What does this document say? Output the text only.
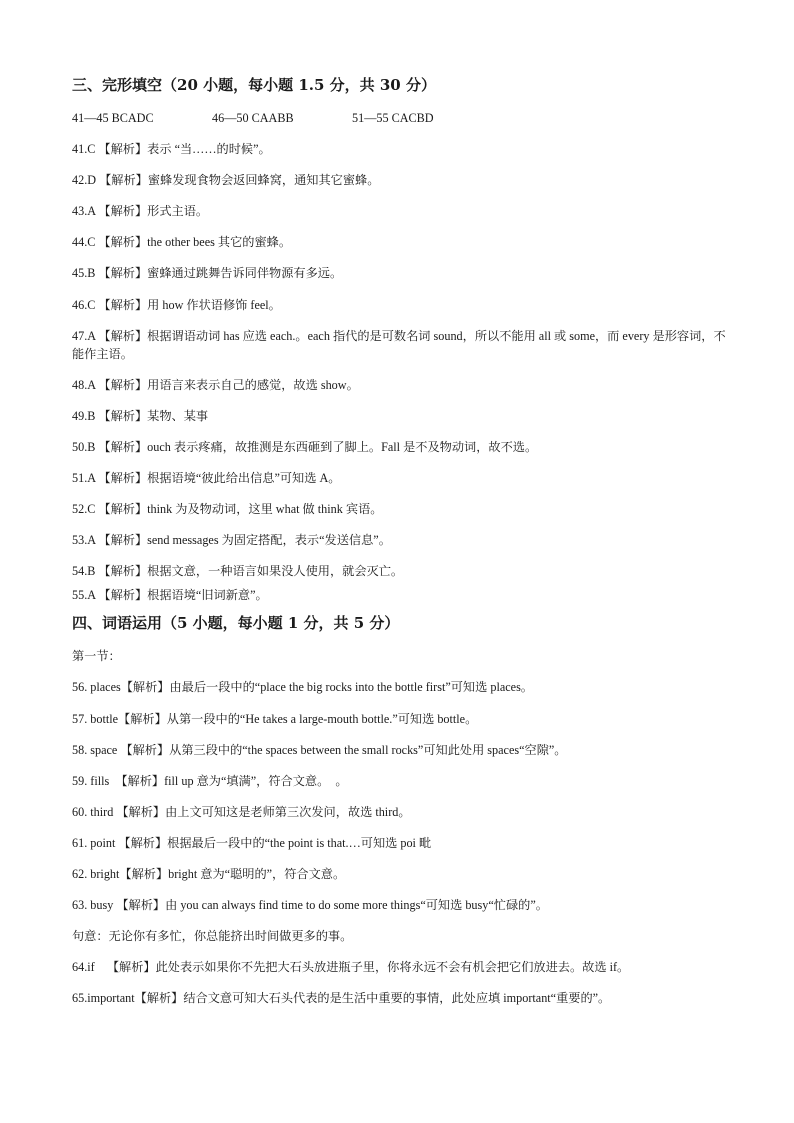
三、完形填空（20 小题，每小题 1.5 分，共 30 分）
41—45 BCADC	46—50 CAABB	51—55 CACBD
41.C 【解析】表示 “当……的时候”。
42.D 【解析】蜜蜂发现食物会返回蜂窝，通知其它蜜蜂。
43.A 【解析】形式主语。
44.C 【解析】the other bees 其它的蜜蜂。
45.B 【解析】蜜蜂通过跳舞告诉同伴物源有多远。
46.C 【解析】用 how 作状语修饰 feel。
47.A 【解析】根据谓语动词 has 应选 each.。each 指代的是可数名词 sound，所以不能用 all 或 some，而 every 是形容词，不能作主语。
48.A 【解析】用语言来表示自己的感觉，故选 show。
49.B 【解析】某物、某事
50.B 【解析】ouch 表示疼痛，故推测是东西砸到了脚上。Fall 是不及物动词，故不选。
51.A 【解析】根据语境“彼此给出信息”可知选 A。
52.C 【解析】think 为及物动词，这里 what 做 think 宾语。
53.A 【解析】send messages 为固定搭配，表示“发送信息”。
54.B 【解析】根据文意，一种语言如果没人使用，就会灭亡。
55.A 【解析】根据语境“旧词新意”。
四、词语运用（5 小题，每小题 1 分，共 5 分）
第一节：
56. places【解析】由最后一段中的“place the big rocks into the bottle first”可知选 places。
57. bottle【解析】从第一段中的“He takes a large-mouth bottle.”可知选 bottle。
58. space 【解析】从第三段中的“the spaces between the small rocks”可知此处用 spaces“空隙”。
59. fills  【解析】fill up 意为“填满”，符合文意。  。
60. third 【解析】由上文可知这是老师第三次发问，故选 third。
61. point 【解析】根据最后一段中的“the point is that.…可知选 poi 毗
62. bright【解析】bright 意为“聪明的”，符合文意。
63. busy 【解析】由 you can always find time to do some more things“可知选 busy“忙碌的”。
句意：无论你有多忙，你总能挤出时间做更多的事。
64.if    【解析】此处表示如果你不先把大石头放进瓶子里，你将永远不会有机会把它们放进去。故选 if。
65.important【解析】结合文意可知大石头代表的是生活中重要的事情，此处应填 important“重要的”。
